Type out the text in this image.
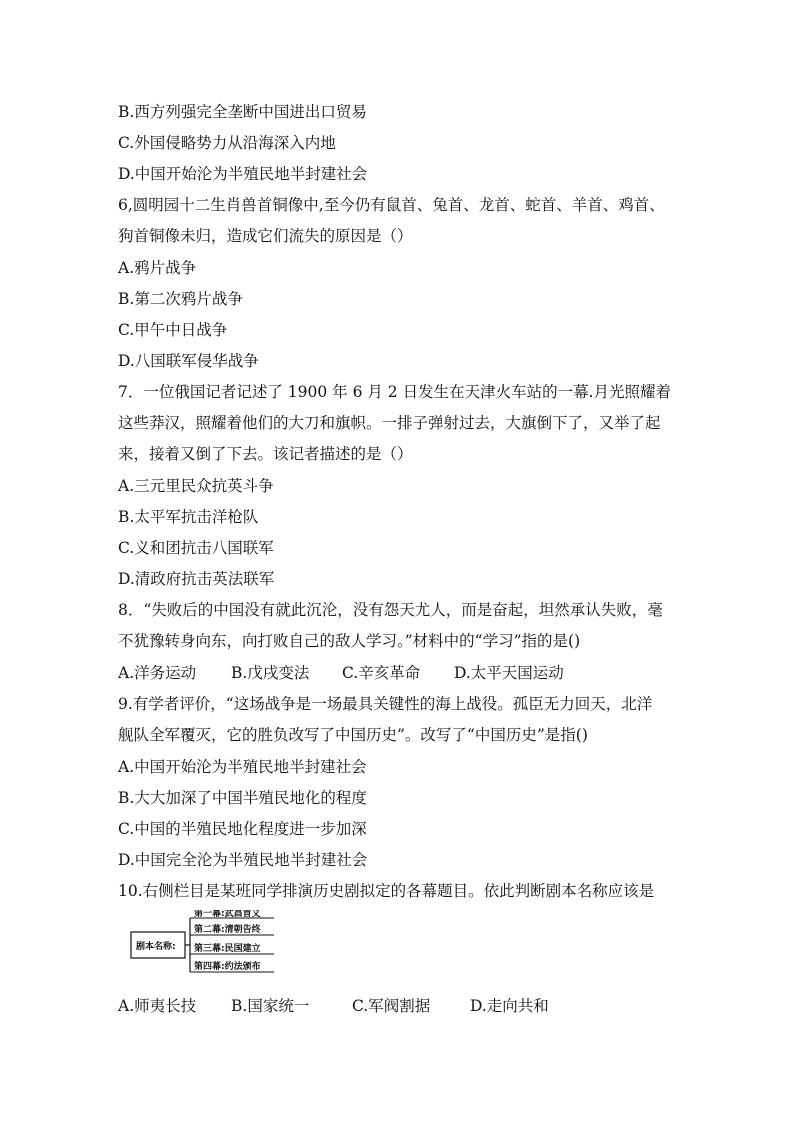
B.西方列强完全垄断中国进出口贸易
C.外国侵略势力从沿海深入内地
D.中国开始沦为半殖民地半封建社会
6,圆明园十二生肖兽首铜像中,至今仍有鼠首、兔首、龙首、蛇首、羊首、鸡首、
狗首铜像未归，造成它们流失的原因是（）
A.鸦片战争
B.第二次鸦片战争
C.甲午中日战争
D.八国联军侵华战争
7．一位俄国记者记述了 1900 年 6 月 2 日发生在天津火车站的一幕.月光照耀着
这些莽汉，照耀着他们的大刀和旗帜。一排子弹射过去，大旗倒下了，又举了起
来，接着又倒了下去。该记者描述的是（）
A.三元里民众抗英斗争
B.太平军抗击洋枪队
C.义和团抗击八国联军
D.清政府抗击英法联军
8．“失败后的中国没有就此沉沦，没有怨天尤人，而是奋起，坦然承认失败，毫
不犹豫转身向东，向打败自己的敌人学习。”材料中的“学习”指的是()
A.洋务运动 B.戊戌变法 C.辛亥革命 D.太平天国运动
9.有学者评价，“这场战争是一场最具关键性的海上战役。孤臣无力回天，北洋
舰队全军覆灭，它的胜负改写了中国历史”。改写了“中国历史”是指()
A.中国开始沦为半殖民地半封建社会
B.大大加深了中国半殖民地化的程度
C.中国的半殖民地化程度进一步加深
D.中国完全沦为半殖民地半封建社会
10.右侧栏目是某班同学排演历史剧拟定的各幕题目。依此判断剧本名称应该是
剧本名称:
第一幕:武昌首义
第二幕:清朝告终
第三幕:民国建立
第四幕:约法颁布
A.师夷长技 B.国家统一	C.军阀割据	D.走向共和
